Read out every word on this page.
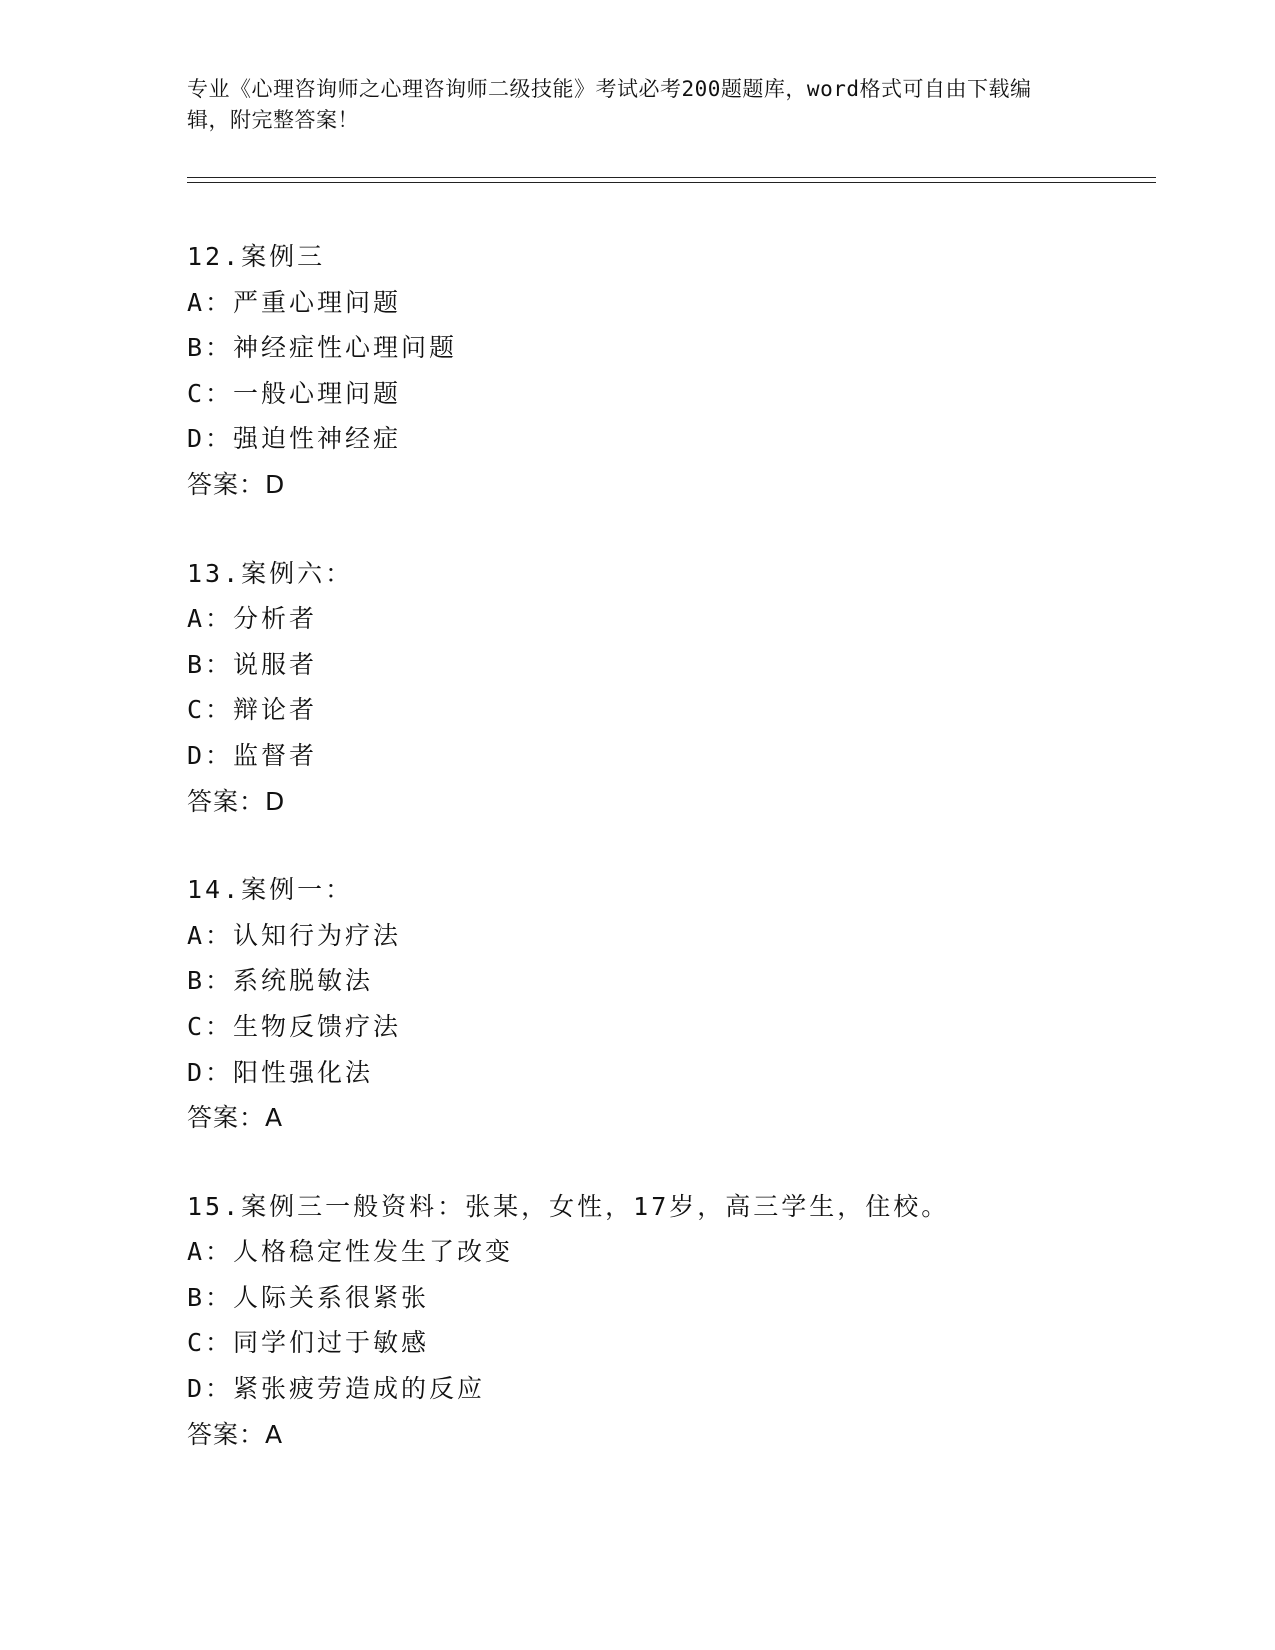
专业《心理咨询师之心理咨询师二级技能》考试必考200题题库，word格式可自由下载编辑，附完整答案！
12.案例三
A：严重心理问题
B：神经症性心理问题
C：一般心理问题
D：强迫性神经症
答案：D
13.案例六：
A：分析者
B：说服者
C：辩论者
D：监督者
答案：D
14.案例一：
A：认知行为疗法
B：系统脱敏法
C：生物反馈疗法
D：阳性强化法
答案：A
15.案例三一般资料：张某，女性，17岁，高三学生，住校。
A：人格稳定性发生了改变
B：人际关系很紧张
C：同学们过于敏感
D：紧张疲劳造成的反应
答案：A
